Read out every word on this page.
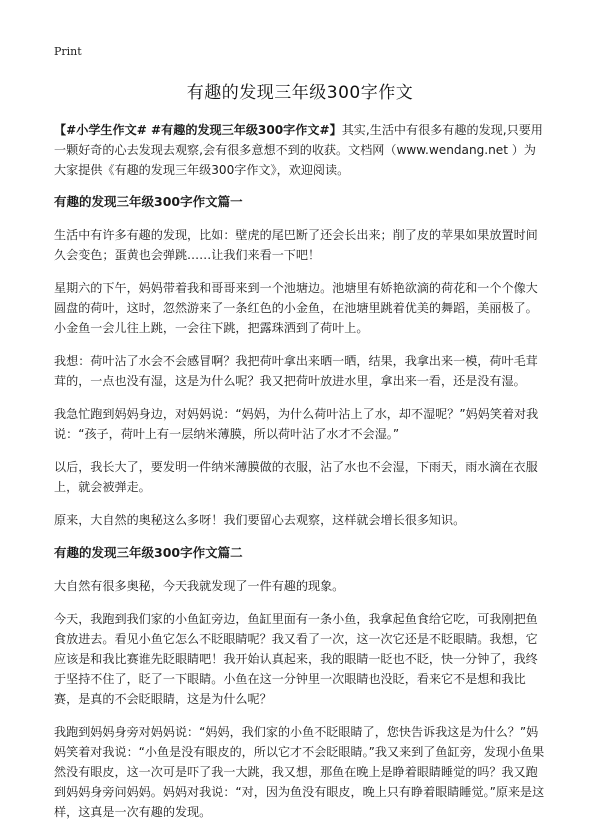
Print
有趣的发现三年级300字作文

【#小学生作文# #有趣的发现三年级300字作文#】其实,生活中有很多有趣的发现,只要用一颗好奇的心去发现去观察,会有很多意想不到的收获。文档网（www.wendang.net ）为大家提供《有趣的发现三年级300字作文》，欢迎阅读。

有趣的发现三年级300字作文篇一

生活中有许多有趣的发现，比如：壁虎的尾巴断了还会长出来；削了皮的苹果如果放置时间久会变色；蛋黄也会弹跳……让我们来看一下吧！

星期六的下午，妈妈带着我和哥哥来到一个池塘边。池塘里有娇艳欲滴的荷花和一个个像大圆盘的荷叶，这时，忽然游来了一条红色的小金鱼，在池塘里跳着优美的舞蹈，美丽极了。小金鱼一会儿往上跳，一会往下跳，把露珠洒到了荷叶上。

我想：荷叶沾了水会不会感冒啊？我把荷叶拿出来晒一晒，结果，我拿出来一模，荷叶毛茸茸的，一点也没有湿，这是为什么呢？我又把荷叶放进水里，拿出来一看，还是没有湿。

我急忙跑到妈妈身边，对妈妈说：“妈妈，为什么荷叶沾上了水，却不湿呢？”妈妈笑着对我说：“孩子，荷叶上有一层纳米薄膜，所以荷叶沾了水才不会湿。”

以后，我长大了，要发明一件纳米薄膜做的衣服，沾了水也不会湿，下雨天，雨水滴在衣服上，就会被弹走。

原来，大自然的奥秘这么多呀！我们要留心去观察，这样就会增长很多知识。

有趣的发现三年级300字作文篇二

大自然有很多奥秘，今天我就发现了一件有趣的现象。

今天，我跑到我们家的小鱼缸旁边，鱼缸里面有一条小鱼，我拿起鱼食给它吃，可我刚把鱼食放进去。看见小鱼它怎么不眨眼睛呢？我又看了一次，这一次它还是不眨眼睛。我想，它应该是和我比赛谁先眨眼睛吧！我开始认真起来，我的眼睛一眨也不眨，快一分钟了，我终于坚持不住了，眨了一下眼睛。小鱼在这一分钟里一次眼睛也没眨，看来它不是想和我比赛，是真的不会眨眼睛，这是为什么呢？

我跑到妈妈身旁对妈妈说：“妈妈，我们家的小鱼不眨眼睛了，您快告诉我这是为什么？”妈妈笑着对我说：“小鱼是没有眼皮的，所以它才不会眨眼睛。”我又来到了鱼缸旁，发现小鱼果然没有眼皮，这一次可是吓了我一大跳，我又想，那鱼在晚上是睁着眼睛睡觉的吗？我又跑到妈妈身旁问妈妈。妈妈对我说：“对，因为鱼没有眼皮，晚上只有睁着眼睛睡觉。”原来是这样，这真是一次有趣的发现。
